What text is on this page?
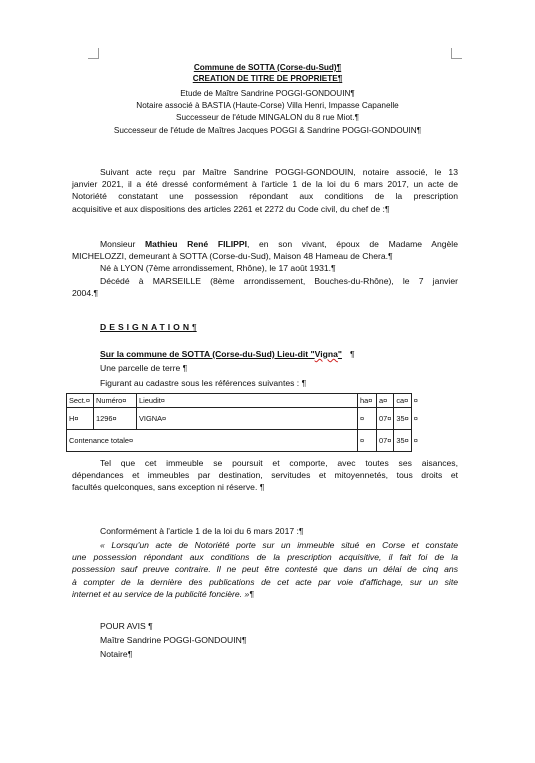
Commune de SOTTA (Corse-du-Sud)¶
CREATION DE TITRE DE PROPRIETE¶
Etude de Maître Sandrine POGGI-GONDOUIN¶
Notaire associé à BASTIA (Haute-Corse) Villa Henri, Impasse Capanelle
Successeur de l'étude MINGALON du 8 rue Miot.¶
Successeur de l'étude de Maîtres Jacques POGGI & Sandrine POGGI-GONDOUIN¶
Suivant acte reçu par Maître Sandrine POGGI-GONDOUIN, notaire associé, le 13
janvier 2021, il a été dressé conformément à l'article 1 de la loi du 6 mars 2017, un acte de
Notoriété constatant une possession répondant aux conditions de la prescription
acquisitive et aux dispositions des articles 2261 et 2272 du Code civil, du chef de :¶
Monsieur Mathieu René FILIPPI, en son vivant, époux de Madame Angèle
MICHELOZZI, demeurant à SOTTA (Corse-du-Sud), Maison 48 Hameau de Chera.¶
Né à LYON (7ème arrondissement, Rhône), le 17 août 1931.¶
Décédé à MARSEILLE (8ème arrondissement, Bouches-du-Rhône), le 7 janvier
2004.¶
DESIGNATION¶
Sur la commune de SOTTA (Corse-du-Sud) Lieu-dit "Vigna" ¶
Une parcelle de terre ¶
Figurant au cadastre sous les références suivantes : ¶
Sect.¤	Numéro¤	Lieudit¤	ha¤	a¤	ca¤	¤
H¤	1296¤	VIGNA¤	¤	07¤	35¤	¤
Contenance totale¤			¤	07¤	35¤	¤
Tel que cet immeuble se poursuit et comporte, avec toutes ses aisances,
dépendances et immeubles par destination, servitudes et mitoyennetés, tous droits et
facultés quelconques, sans exception ni réserve. ¶
Conformément à l'article 1 de la loi du 6 mars 2017 :¶
« Lorsqu'un acte de Notoriété porte sur un immeuble situé en Corse et constate
une possession répondant aux conditions de la prescription acquisitive, il fait foi de la
possession sauf preuve contraire. Il ne peut être contesté que dans un délai de cinq ans
à compter de la dernière des publications de cet acte par voie d'affichage, sur un site
internet et au service de la publicité foncière. »¶
POUR AVIS ¶
Maître Sandrine POGGI-GONDOUIN¶
Notaire¶
